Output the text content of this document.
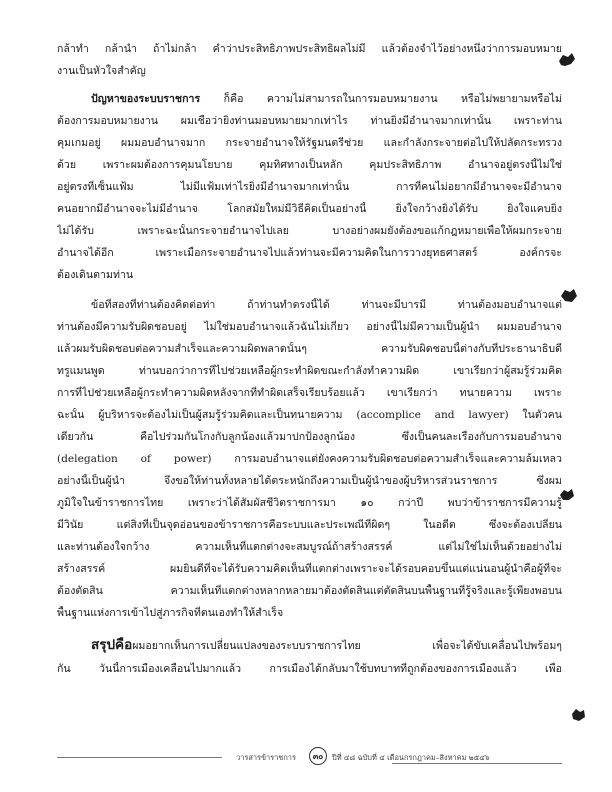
กล้าทำ กล้านำ ถ้าไม่กล้า คำว่าประสิทธิภาพประสิทธิผลไม่มี แล้วต้องจำไว้อย่างหนึ่งว่าการมอบหมาย
งานเป็นหัวใจสำคัญ
ปัญหาของระบบราชการ ก็คือ ความไม่สามารถในการมอบหมายงาน หรือไม่พยายามหรือไม่
ต้องการมอบหมายงาน ผมเชื่อว่ายิ่งท่านมอบหมายมากเท่าไร ท่านยิ่งมีอำนาจมากเท่านั้น เพราะท่าน
คุมเกมอยู่ ผมมอบอำนาจมาก กระจายอำนาจให้รัฐมนตรีช่วย และกำลังกระจายต่อไปให้ปลัดกระทรวง
ด้วย เพราะผมต้องการคุมนโยบาย คุมทิศทางเป็นหลัก คุมประสิทธิภาพ อำนาจอยู่ตรงนี้ไม่ใช่
อยู่ตรงที่เซ็นแฟ้ม ไม่มีแฟ้มเท่าไรยิ่งมีอำนาจมากเท่านั้น การที่คนไม่อยากมีอำนาจจะมีอำนาจ
คนอยากมีอำนาจจะไม่มีอำนาจ โลกสมัยใหม่มีวิธีคิดเป็นอย่างนี้ ยิ่งใจกว้างยิ่งได้รับ ยิ่งใจแคบยิ่ง
ไม่ได้รับ เพราะฉะนั้นกระจายอำนาจไปเลย บางอย่างผมยังต้องขอแก้กฎหมายเพื่อให้ผมกระจาย
อำนาจได้อีก เพราะเมื่อกระจายอำนาจไปแล้วท่านจะมีความคิดในการวางยุทธศาสตร์ องค์กรจะ
ต้องเดินตามท่าน
ข้อที่สองที่ท่านต้องคิดต่อท่า ถ้าท่านทำตรงนี้ได้ ท่านจะมีบารมี ท่านต้องมอบอำนาจแต่
ท่านต้องมีความรับผิดชอบอยู่ ไม่ใช่มอบอำนาจแล้วฉันไม่เกี่ยว อย่างนี้ไม่มีความเป็นผู้นำ ผมมอบอำนาจ
แล้วผมรับผิดชอบต่อความสำเร็จและความผิดพลาดนั้นๆ ความรับผิดชอบนี้ต่างกับที่ประธานาธิบดี
ทรูแมนพูด ท่านบอกว่าการที่ไปช่วยเหลือผู้กระทำผิดขณะกำลังทำความผิด เขาเรียกว่าผู้สมรู้ร่วมคิด
การที่ไปช่วยเหลือผู้กระทำความผิดหลังจากที่ทำผิดเสร็จเรียบร้อยแล้ว เขาเรียกว่า ทนายความ เพราะ
ฉะนั้น ผู้บริหารจะต้องไม่เป็นผู้สมรู้ร่วมคิดและเป็นทนายความ (accomplice and lawyer) ในตัวคน
เดียวกัน คือไปร่วมกันโกงกับลูกน้องแล้วมาปกป้องลูกน้อง ซึ่งเป็นคนละเรื่องกับการมอบอำนาจ
(delegation of power) การมอบอำนาจแต่ยังคงความรับผิดชอบต่อความสำเร็จและความล้มเหลว
อย่างนี้เป็นผู้นำ จึงขอให้ท่านทั้งหลายได้ตระหนักถึงความเป็นผู้นำของผู้บริหารส่วนราชการ ซึ่งผม
ภูมิใจในข้าราชการไทย เพราะว่าได้สัมผัสชีวิตราชการมา ๑๐ กว่าปี พบว่าข้าราชการมีความรู้
มีวินัย แต่สิ่งที่เป็นจุดอ่อนของข้าราชการคือระบบและประเพณีที่ผิดๆ ในอดีต ซึ่งจะต้องเปลี่ยน
และท่านต้องใจกว้าง ความเห็นที่แตกต่างจะสมบูรณ์ถ้าสร้างสรรค์ แต่ไม่ใช่ไม่เห็นด้วยอย่างไม่
สร้างสรรค์ ผมยินดีที่จะได้รับความคิดเห็นที่แตกต่างเพราะจะได้รอบคอบขึ้นแต่แน่นอนผู้นำคือผู้ที่จะ
ต้องตัดสิน ความเห็นที่แตกต่างหลากหลายมาต้องตัดสินแต่ตัดสินบนพื้นฐานที่รู้จริงและรู้เพียงพอบน
พื้นฐานแห่งการเข้าไปสู่ภารกิจที่ตนเองทำให้สำเร็จ
สรุปคือผมอยากเห็นการเปลี่ยนแปลงของระบบราชการไทย เพื่อจะได้ขับเคลื่อนไปพร้อมๆ
กัน วันนี้การเมืองเคลื่อนไปมากแล้ว การเมืองได้กลับมาใช้บทบาทที่ถูกต้องของการเมืองแล้ว เพื่อ
วารสารข้าราชการ	๓๐	ปีที่ ๔๘ ฉบับที่ ๔ เดือนกรกฎาคม–สิงหาคม ๒๕๔๖
